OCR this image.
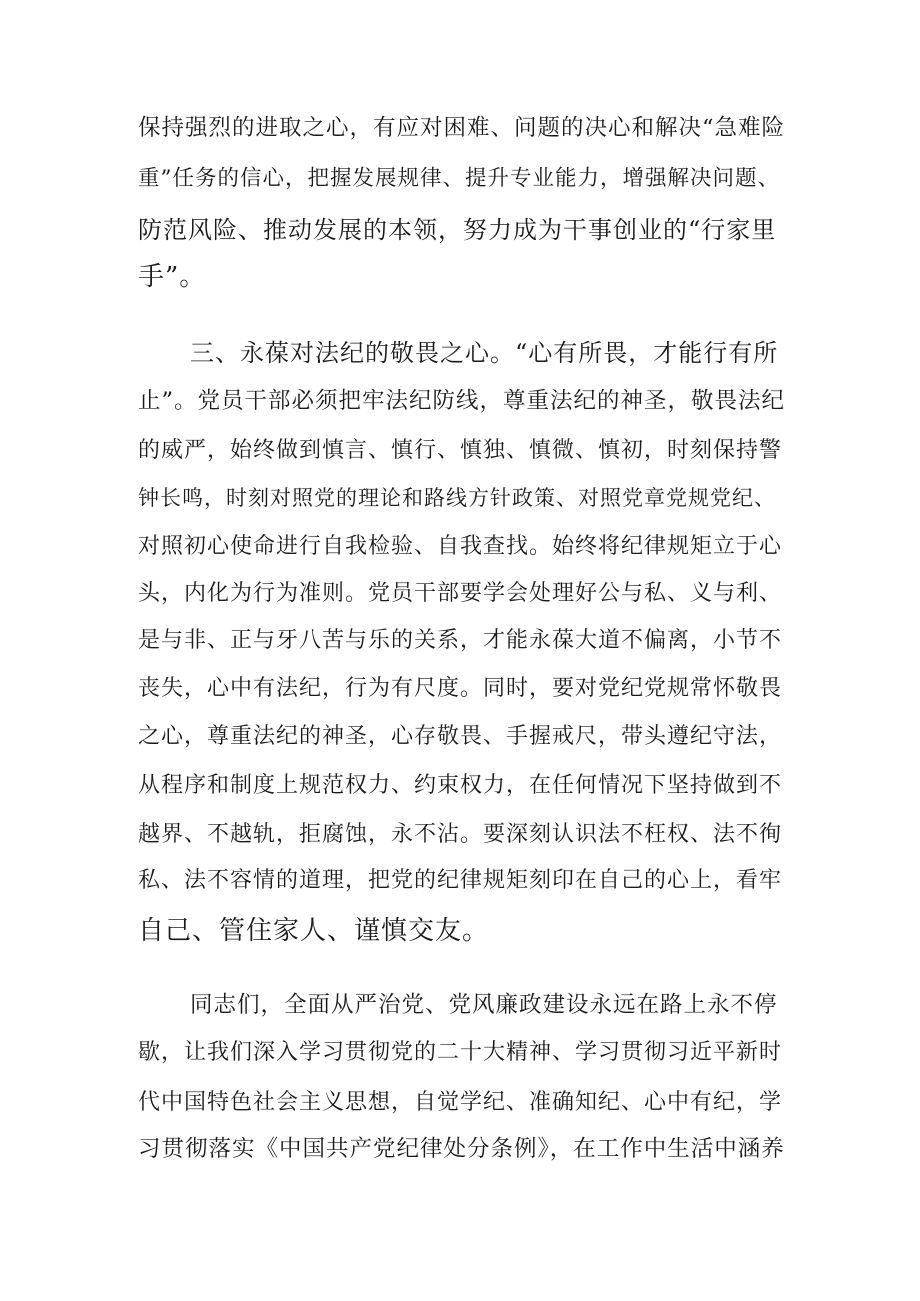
保持强烈的进取之心，有应对困难、问题的决心和解决“急难险
重”任务的信心，把握发展规律、提升专业能力，增强解决问题、
防范风险、推动发展的本领，努力成为干事创业的“行家里
手”。
三、永葆对法纪的敬畏之心。“心有所畏，才能行有所
止”。党员干部必须把牢法纪防线，尊重法纪的神圣，敬畏法纪
的威严，始终做到慎言、慎行、慎独、慎微、慎初，时刻保持警
钟长鸣，时刻对照党的理论和路线方针政策、对照党章党规党纪、
对照初心使命进行自我检验、自我查找。始终将纪律规矩立于心
头，内化为行为准则。党员干部要学会处理好公与私、义与利、
是与非、正与牙八苦与乐的关系，才能永葆大道不偏离，小节不
丧失，心中有法纪，行为有尺度。同时，要对党纪党规常怀敬畏
之心，尊重法纪的神圣，心存敬畏、手握戒尺，带头遵纪守法，
从程序和制度上规范权力、约束权力，在任何情况下坚持做到不
越界、不越轨，拒腐蚀，永不沾。要深刻认识法不枉权、法不徇
私、法不容情的道理，把党的纪律规矩刻印在自己的心上，看牢
自己、管住家人、谨慎交友。
同志们，全面从严治党、党风廉政建设永远在路上永不停
歇，让我们深入学习贯彻党的二十大精神、学习贯彻习近平新时
代中国特色社会主义思想，自觉学纪、准确知纪、心中有纪，学
习贯彻落实《中国共产党纪律处分条例》，在工作中生活中涵养
